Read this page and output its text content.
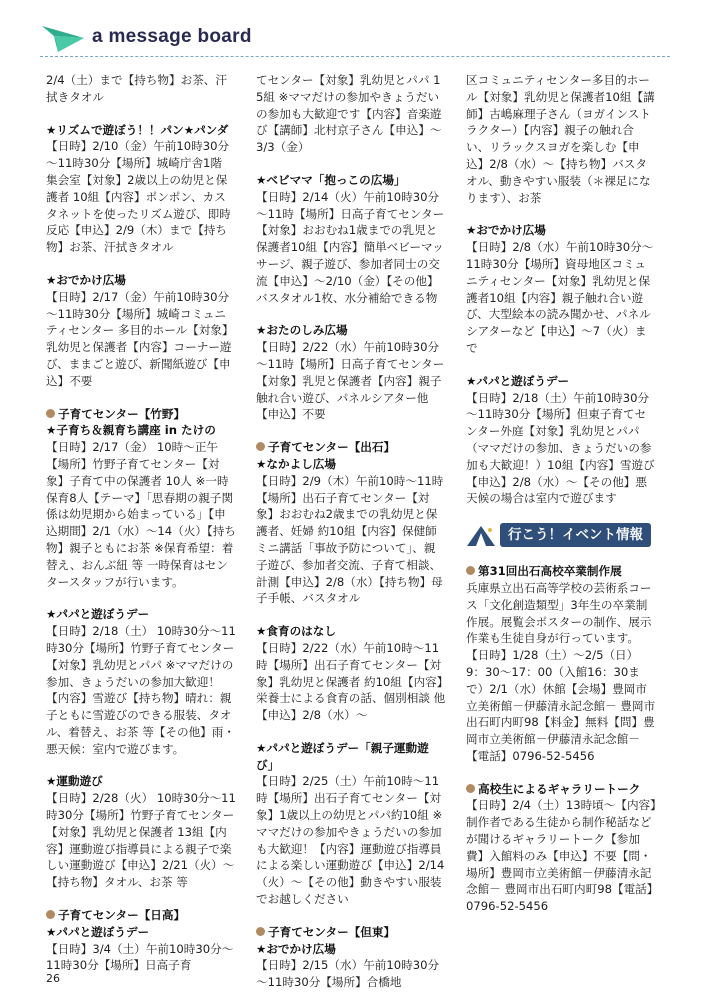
a message board

2/4（土）まで【持ち物】お茶、汗拭きタオル

★リズムで遊ぼう！！パン★パンダ

【日時】2/10（金）午前10時30分～11時30分【場所】城崎庁舎1階 集会室【対象】2歳以上の幼児と保護者 10組【内容】ポンポン、カスタネットを使ったリズム遊び、即時反応【申込】2/9（木）まで【持ち物】お茶、汗拭きタオル

★おでかけ広場

【日時】2/17（金）午前10時30分～11時30分【場所】城崎コミュニティセンター 多目的ホール【対象】乳幼児と保護者【内容】コーナー遊び、ままごと遊び、新聞紙遊び【申込】不要

子育てセンター【竹野】

★子育ち＆親育ち講座 in たけの

【日時】2/17（金） 10時～正午【場所】竹野子育てセンター【対象】子育て中の保護者 10人 ※一時保育8人【テーマ】「思春期の親子関係は幼児期から始まっている」【申込期間】2/1（水）～14（火）【持ち物】親子ともにお茶 ※保育希望：着替え、おんぶ紐 等 一時保育はセンタースタッフが行います。

★パパと遊ぼうデー

【日時】2/18（土） 10時30分～11時30分【場所】竹野子育てセンター【対象】乳幼児とパパ ※ママだけの参加、きょうだいの参加大歓迎！【内容】雪遊び【持ち物】晴れ：親子ともに雪遊びのできる服装、タオル、着替え、お茶 等【その他】雨・悪天候：室内で遊びます。

★運動遊び

【日時】2/28（火） 10時30分～11時30分【場所】竹野子育てセンター【対象】乳幼児と保護者 13組【内容】運動遊び指導員による親子で楽しい運動遊び【申込】2/21（火）～【持ち物】タオル、お茶 等

子育てセンター【日高】

★パパと遊ぼうデー

【日時】3/4（土）午前10時30分～11時30分【場所】日高子育

てセンター【対象】乳幼児とパパ 15組 ※ママだけの参加やきょうだいの参加も大歓迎です【内容】音楽遊び【講師】北村京子さん【申込】～3/3（金）

★ベビママ「抱っこの広場」

【日時】2/14（火）午前10時30分～11時【場所】日高子育てセンター【対象】おおむね1歳までの乳児と保護者10組【内容】簡単ベビーマッサージ、親子遊び、参加者同士の交流【申込】～2/10（金）【その他】バスタオル1枚、水分補給できる物

★おたのしみ広場

【日時】2/22（水）午前10時30分～11時【場所】日高子育てセンター【対象】乳児と保護者【内容】親子触れ合い遊び、パネルシアター他【申込】不要

子育てセンター【出石】

★なかよし広場

【日時】2/9（木）午前10時～11時【場所】出石子育てセンター【対象】おおむね2歳までの乳幼児と保護者、妊婦 約10組【内容】保健師ミニ講話「事故予防について」、親子遊び、参加者交流、子育て相談、計測【申込】2/8（水）【持ち物】母子手帳、バスタオル

★食育のはなし

【日時】2/22（水）午前10時～11時【場所】出石子育てセンター【対象】乳幼児と保護者 約10組【内容】栄養士による食育の話、個別相談 他【申込】2/8（水）～

★パパと遊ぼうデー「親子運動遊び」

【日時】2/25（土）午前10時～11時【場所】出石子育てセンター【対象】1歳以上の幼児とパパ約10組 ※ママだけの参加やきょうだいの参加も大歓迎！【内容】運動遊び指導員による楽しい運動遊び【申込】2/14（火）～【その他】動きやすい服装でお越しください

子育てセンター【但東】

★おでかけ広場

【日時】2/15（水）午前10時30分～11時30分【場所】合橋地

区コミュニティセンター多目的ホール【対象】乳幼児と保護者10組【講師】古嶋麻理子さん（ヨガインストラクター）【内容】親子の触れ合い、リラックスヨガを楽しむ【申込】2/8（水）～【持ち物】バスタオル、動きやすい服装（＊裸足になります）、お茶

★おでかけ広場

【日時】2/8（水）午前10時30分～11時30分【場所】資母地区コミュニティセンター【対象】乳幼児と保護者10組【内容】親子触れ合い遊び、大型絵本の読み聞かせ、パネルシアターなど【申込】～7（火）まで

★パパと遊ぼうデー

【日時】2/18（土）午前10時30分～11時30分【場所】但東子育てセンター外庭【対象】乳幼児とパパ（ママだけの参加、きょうだいの参加も大歓迎！）10組【内容】雪遊び【申込】2/8（水）～【その他】悪天候の場合は室内で遊びます

行こう！イベント情報

第31回出石高校卒業制作展

兵庫県立出石高等学校の芸術系コース「文化創造類型」3年生の卒業制作展。展覧会ポスターの制作、展示作業も生徒自身が行っています。【日時】1/28（土）～2/5（日）9：30～17：00（入館16：30まで）2/1（水）休館【会場】豊岡市立美術館－伊藤清永記念館－ 豊岡市出石町内町98【料金】無料【問】豊岡市立美術館－伊藤清永記念館－【電話】0796-52-5456

高校生によるギャラリートーク

【日時】2/4（土）13時頃～【内容】制作者である生徒から制作秘話などが聞けるギャラリートーク【参加費】入館料のみ【申込】不要【問・場所】豊岡市立美術館－伊藤清永記念館－ 豊岡市出石町内町98【電話】0796-52-5456

26
